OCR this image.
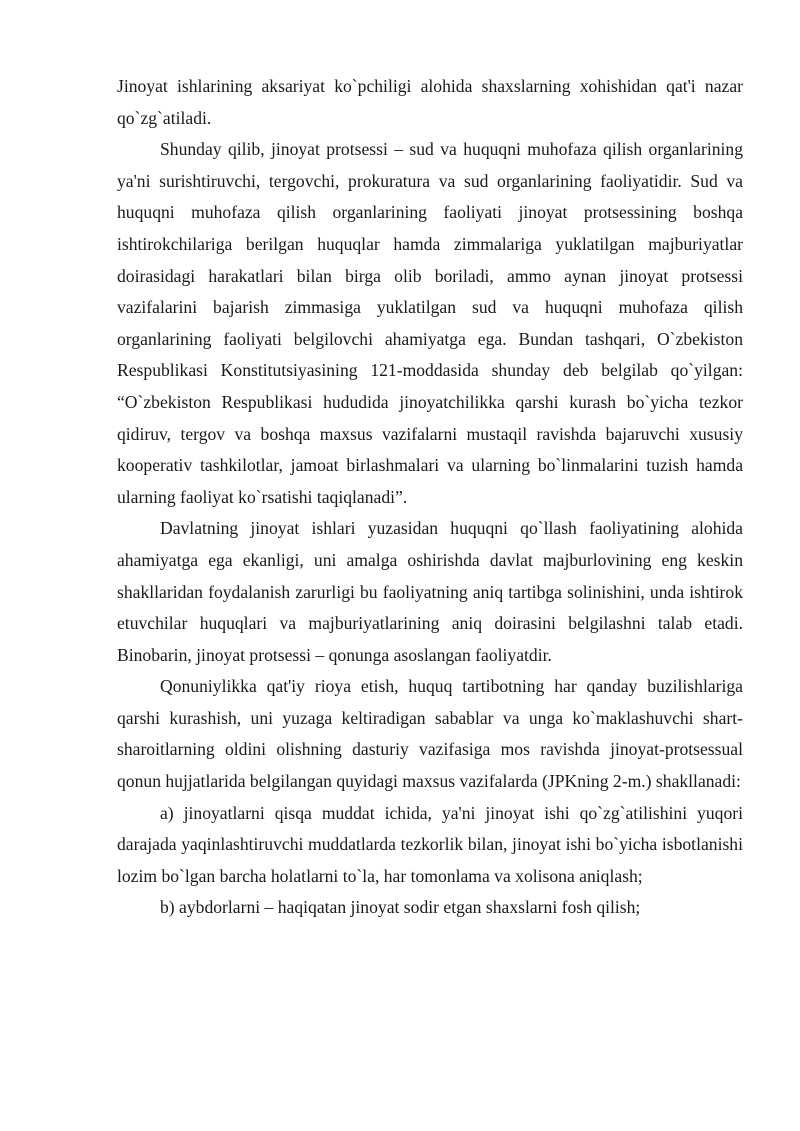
Jinoyat ishlarining aksariyat ko`pchiligi alohida shaxslarning xohishidan qat'i nazar qo`zg`atiladi.

Shunday qilib, jinoyat protsessi – sud va huquqni muhofaza qilish organlarining ya'ni surishtiruvchi, tergovchi, prokuratura va sud organlarining faoliyatidir. Sud va huquqni muhofaza qilish organlarining faoliyati jinoyat protsessining boshqa ishtirokchilariga berilgan huquqlar hamda zimmalariga yuklatilgan majburiyatlar doirasidagi harakatlari bilan birga olib boriladi, ammo aynan jinoyat protsessi vazifalarini bajarish zimmasiga yuklatilgan sud va huquqni muhofaza qilish organlarining faoliyati belgilovchi ahamiyatga ega. Bundan tashqari, O`zbekiston Respublikasi Konstitutsiyasining 121-moddasida shunday deb belgilab qo`yilgan: “O`zbekiston Respublikasi hududida jinoyatchilikka qarshi kurash bo`yicha tezkor qidiruv, tergov va boshqa maxsus vazifalarni mustaqil ravishda bajaruvchi xususiy kooperativ tashkilotlar, jamoat birlashmalari va ularning bo`linmalarini tuzish hamda ularning faoliyat ko`rsatishi taqiqlanadi”.

Davlatning jinoyat ishlari yuzasidan huquqni qo`llash faoliyatining alohida ahamiyatga ega ekanligi, uni amalga oshirishda davlat majburlovining eng keskin shakllaridan foydalanish zarurligi bu faoliyatning aniq tartibga solinishini, unda ishtirok etuvchilar huquqlari va majburiyatlarining aniq doirasini belgilashni talab etadi. Binobarin, jinoyat protsessi – qonunga asoslangan faoliyatdir.

Qonuniylikka qat'iy rioya etish, huquq tartibotning har qanday buzilishlariga qarshi kurashish, uni yuzaga keltiradigan sabablar va unga ko`maklashuvchi shart-sharoitlarning oldini olishning dasturiy vazifasiga mos ravishda jinoyat-protsessual qonun hujjatlarida belgilangan quyidagi maxsus vazifalarda (JPKning 2-m.) shakllanadi:

a) jinoyatlarni qisqa muddat ichida, ya'ni jinoyat ishi qo`zg`atilishini yuqori darajada yaqinlashtiruvchi muddatlarda tezkorlik bilan, jinoyat ishi bo`yicha isbotlanishi lozim bo`lgan barcha holatlarni to`la, har tomonlama va xolisona aniqlash;

b) aybdorlarni – haqiqatan jinoyat sodir etgan shaxslarni fosh qilish;
